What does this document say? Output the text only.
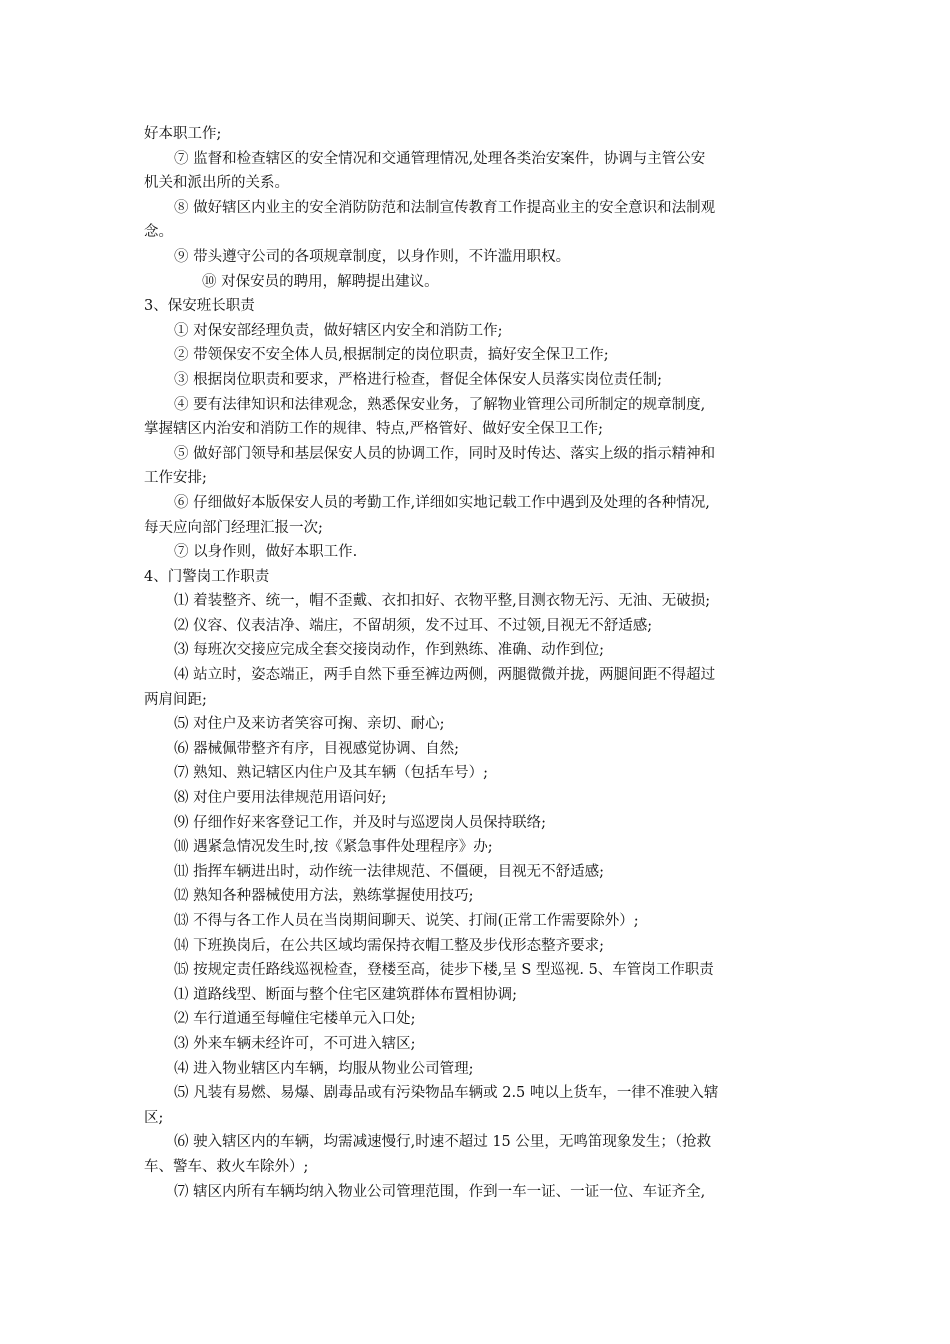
好本职工作;
⑦ 监督和检查辖区的安全情况和交通管理情况,处理各类治安案件，协调与主管公安
机关和派出所的关系。
⑧ 做好辖区内业主的安全消防防范和法制宣传教育工作提高业主的安全意识和法制观
念。
⑨ 带头遵守公司的各项规章制度，以身作则，不许滥用职权。
⑩ 对保安员的聘用，解聘提出建议。
3、保安班长职责
① 对保安部经理负责，做好辖区内安全和消防工作;
② 带领保安不安全体人员,根据制定的岗位职责，搞好安全保卫工作;
③ 根据岗位职责和要求，严格进行检查，督促全体保安人员落实岗位责任制;
④ 要有法律知识和法律观念，熟悉保安业务，了解物业管理公司所制定的规章制度,
掌握辖区内治安和消防工作的规律、特点,严格管好、做好安全保卫工作;
⑤ 做好部门领导和基层保安人员的协调工作，同时及时传达、落实上级的指示精神和
工作安排;
⑥ 仔细做好本版保安人员的考勤工作,详细如实地记载工作中遇到及处理的各种情况,
每天应向部门经理汇报一次;
⑦ 以身作则，做好本职工作.
4、门警岗工作职责
⑴ 着装整齐、统一，帽不歪戴、衣扣扣好、衣物平整,目测衣物无污、无油、无破损;
⑵ 仪容、仪表洁净、端庄，不留胡须，发不过耳、不过领,目视无不舒适感;
⑶ 每班次交接应完成全套交接岗动作，作到熟练、准确、动作到位;
⑷ 站立时，姿态端正，两手自然下垂至裤边两侧，两腿微微并拢，两腿间距不得超过
两肩间距;
⑸ 对住户及来访者笑容可掬、亲切、耐心;
⑹ 器械佩带整齐有序，目视感觉协调、自然;
⑺ 熟知、熟记辖区内住户及其车辆（包括车号）;
⑻ 对住户要用法律规范用语问好;
⑼ 仔细作好来客登记工作，并及时与巡逻岗人员保持联络;
⑽ 遇紧急情况发生时,按《紧急事件处理程序》办;
⑾ 指挥车辆进出时，动作统一法律规范、不僵硬，目视无不舒适感;
⑿ 熟知各种器械使用方法，熟练掌握使用技巧;
⒀ 不得与各工作人员在当岗期间聊天、说笑、打闹(正常工作需要除外）;
⒁ 下班换岗后，在公共区域均需保持衣帽工整及步伐形态整齐要求;
⒂ 按规定责任路线巡视检查，登楼至高，徒步下楼,呈 S 型巡视. 5、车管岗工作职责
⑴ 道路线型、断面与整个住宅区建筑群体布置相协调;
⑵ 车行道通至每幢住宅楼单元入口处;
⑶ 外来车辆未经许可，不可进入辖区;
⑷ 进入物业辖区内车辆，均服从物业公司管理;
⑸ 凡装有易燃、易爆、剧毒品或有污染物品车辆或 2.5 吨以上货车，一律不准驶入辖
区;
⑹ 驶入辖区内的车辆，均需减速慢行,时速不超过 15 公里，无鸣笛现象发生；（抢救
车、警车、救火车除外）;
⑺ 辖区内所有车辆均纳入物业公司管理范围，作到一车一证、一证一位、车证齐全,
